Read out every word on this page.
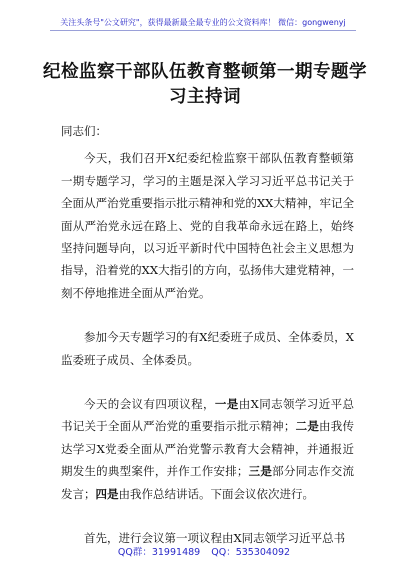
关注头条号"公文研究"，获得最新最全最专业的公文资料库！ 微信：gongwenyj
纪检监察干部队伍教育整顿第一期专题学
习主持词

同志们：

今天，我们召开X纪委纪检监察干部队伍教育整顿第一期专题学习，学习的主题是深入学习习近平总书记关于全面从严治党重要指示批示精神和党的XX大精神，牢记全面从严治党永远在路上、党的自我革命永远在路上，始终坚持问题导向，以习近平新时代中国特色社会主义思想为指导，沿着党的XX大指引的方向，弘扬伟大建党精神，一刻不停地推进全面从严治党。

参加今天专题学习的有X纪委班子成员、全体委员，X监委班子成员、全体委员。

今天的会议有四项议程，一是由X同志领学习近平总书记关于全面从严治党的重要指示批示精神；二是由我传达学习X党委全面从严治党警示教育大会精神，并通报近期发生的典型案件，并作工作安排；三是部分同志作交流发言；四是由我作总结讲话。下面会议依次进行。

首先，进行会议第一项议程由X同志领学习近平总书

QQ群：31991489 QQ：535304092
